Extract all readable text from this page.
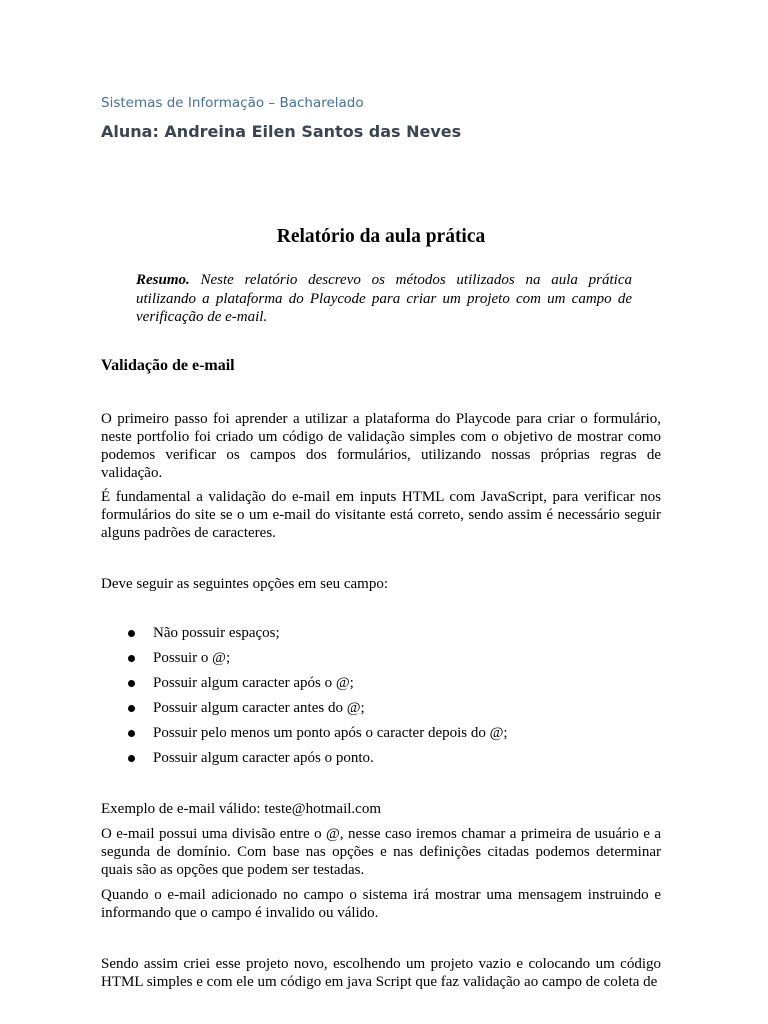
Sistemas de Informação – Bacharelado
Aluna: Andreina Eilen Santos das Neves
Relatório da aula prática

Resumo. Neste relatório descrevo os métodos utilizados na aula prática utilizando a plataforma do Playcode para criar um projeto com um campo de verificação de e-mail.

Validação de e-mail

O primeiro passo foi aprender a utilizar a plataforma do Playcode para criar o formulário, neste portfolio foi criado um código de validação simples com o objetivo de mostrar como podemos verificar os campos dos formulários, utilizando nossas próprias regras de validação.

É fundamental a validação do e-mail em inputs HTML com JavaScript, para verificar nos formulários do site se o um e-mail do visitante está correto, sendo assim é necessário seguir alguns padrões de caracteres.

Deve seguir as seguintes opções em seu campo:

Não possuir espaços;
Possuir o @;
Possuir algum caracter após o @;
Possuir algum caracter antes do @;
Possuir pelo menos um ponto após o caracter depois do @;
Possuir algum caracter após o ponto.

Exemplo de e-mail válido: teste@hotmail.com

O e-mail possui uma divisão entre o @, nesse caso iremos chamar a primeira de usuário e a segunda de domínio. Com base nas opções e nas definições citadas podemos determinar quais são as opções que podem ser testadas.

Quando o e-mail adicionado no campo o sistema irá mostrar uma mensagem instruindo e informando que o campo é invalido ou válido.

Sendo assim criei esse projeto novo, escolhendo um projeto vazio e colocando um código HTML simples e com ele um código em java Script que faz validação ao campo de coleta de
